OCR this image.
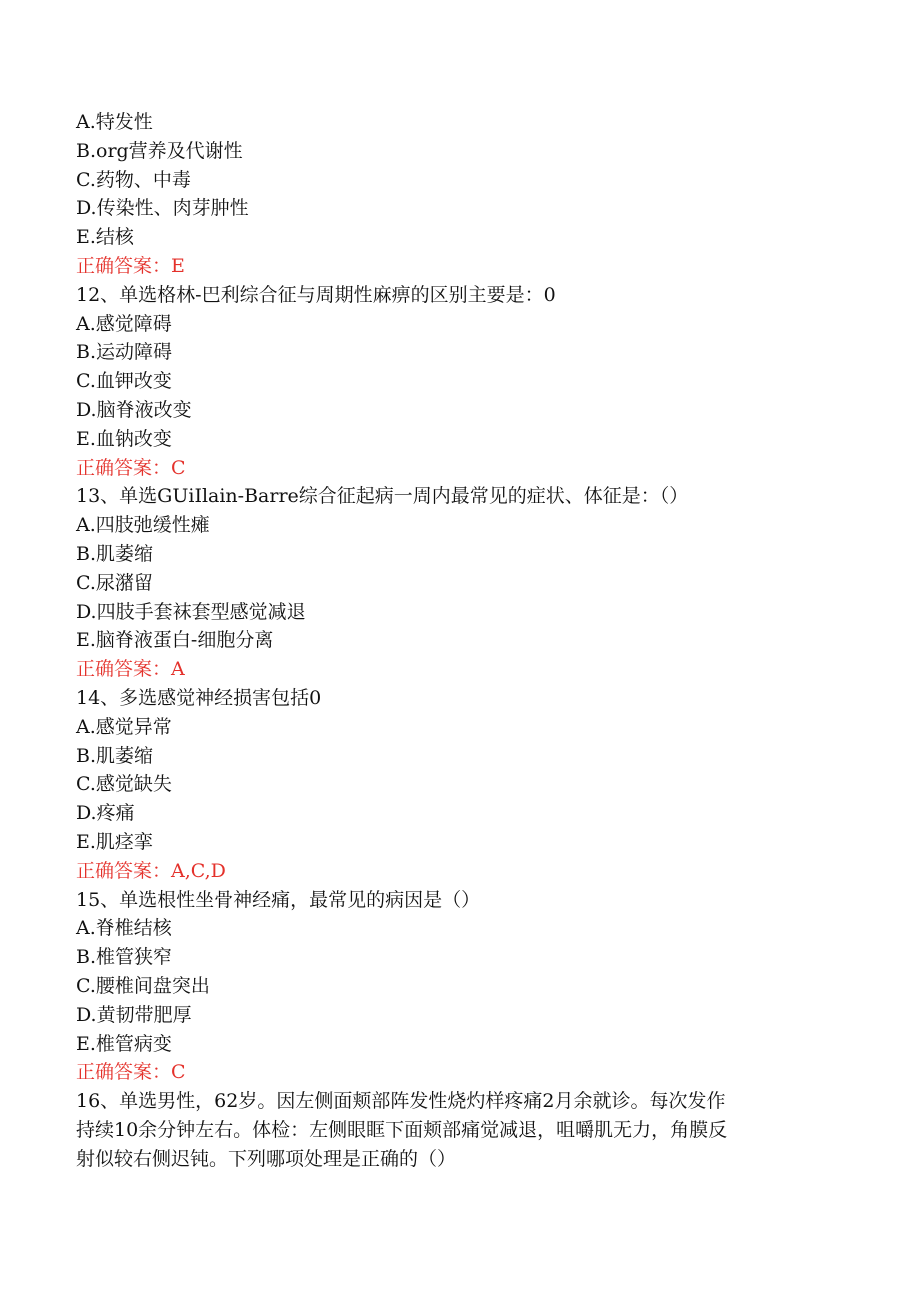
A.特发性
B.org营养及代谢性
C.药物、中毒
D.传染性、肉芽肿性
E.结核
正确答案：E
12、单选格林-巴利综合征与周期性麻痹的区别主要是：0
A.感觉障碍
B.运动障碍
C.血钾改变
D.脑脊液改变
E.血钠改变
正确答案：C
13、单选GUiIlain-Barre综合征起病一周内最常见的症状、体征是：（）
A.四肢弛缓性瘫
B.肌萎缩
C.尿潴留
D.四肢手套袜套型感觉减退
E.脑脊液蛋白-细胞分离
正确答案：A
14、多选感觉神经损害包括0
A.感觉异常
B.肌萎缩
C.感觉缺失
D.疼痛
E.肌痉挛
正确答案：A,C,D
15、单选根性坐骨神经痛，最常见的病因是（）
A.脊椎结核
B.椎管狭窄
C.腰椎间盘突出
D.黄韧带肥厚
E.椎管病变
正确答案：C
16、单选男性，62岁。因左侧面颊部阵发性烧灼样疼痛2月余就诊。每次发作
持续10余分钟左右。体检：左侧眼眶下面颊部痛觉减退，咀嚼肌无力，角膜反
射似较右侧迟钝。下列哪项处理是正确的（）
